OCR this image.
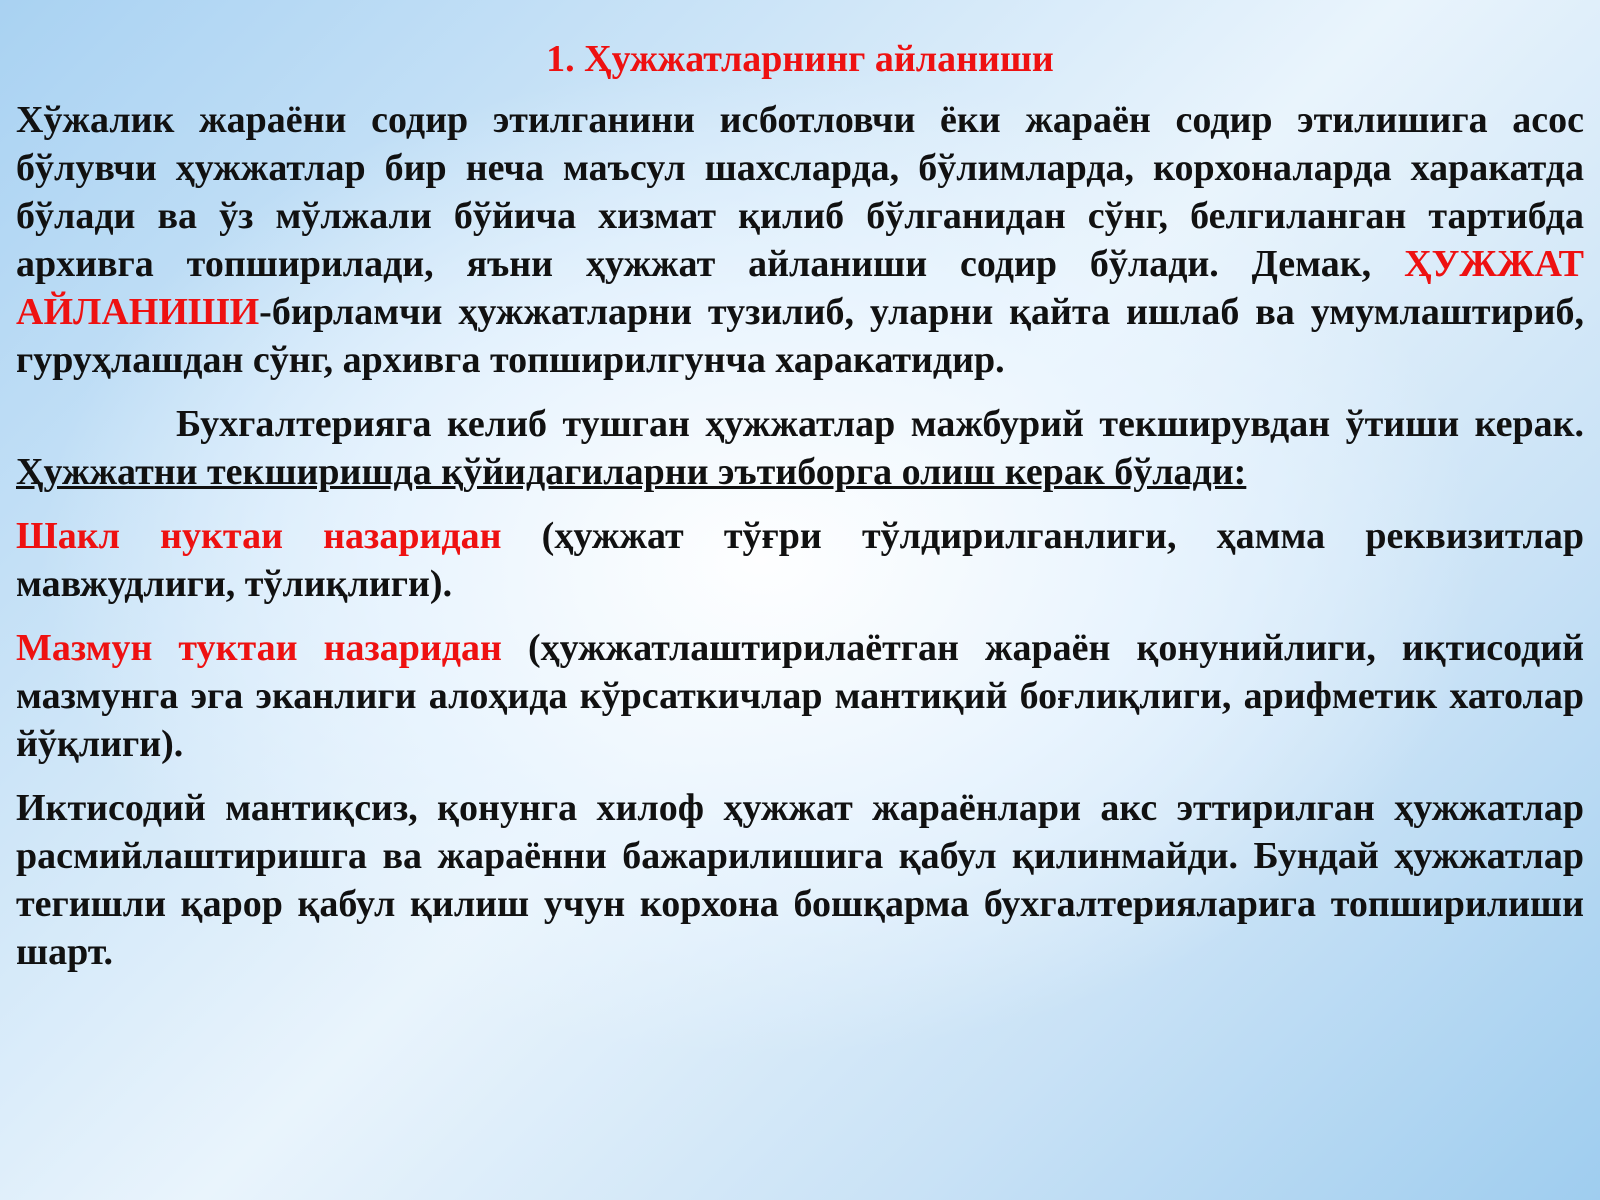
1. Ҳужжатларнинг айланиши

Хўжалик жараёни содир этилганини исботловчи ёки жараён содир этилишига асос бўлувчи ҳужжатлар бир неча маъсул шахсларда, бўлимларда, корхоналарда харакатда бўлади ва ўз мўлжали бўйича хизмат қилиб бўлганидан сўнг, белгиланган тартибда архивга топширилади, яъни ҳужжат айланиши содир бўлади. Демак, ҲУЖЖАТ АЙЛАНИШИ-бирламчи ҳужжатларни тузилиб, уларни қайта ишлаб ва умумлаштириб, гуруҳлашдан сўнг, архивга топширилгунча харакатидир.

Бухгалтерияга келиб тушган ҳужжатлар мажбурий текширувдан ўтиши керак. Ҳужжатни текширишда қўйидагиларни эътиборга олиш керак бўлади:

Шакл нуктаи назаридан (ҳужжат тўғри тўлдирилганлиги, ҳамма реквизитлар мавжудлиги, тўлиқлиги).

Мазмун туктаи назаридан (ҳужжатлаштирилаётган жараён қонунийлиги, иқтисодий мазмунга эга эканлиги алоҳида кўрсаткичлар мантиқий боғлиқлиги, арифметик хатолар йўқлиги).

Иктисодий мантиқсиз, қонунга хилоф ҳужжат жараёнлари акс эттирилган ҳужжатлар расмийлаштиришга ва жараённи бажарилишига қабул қилинмайди. Бундай ҳужжатлар тегишли қарор қабул қилиш учун корхона бошқарма бухгалтерияларига топширилиши шарт.
